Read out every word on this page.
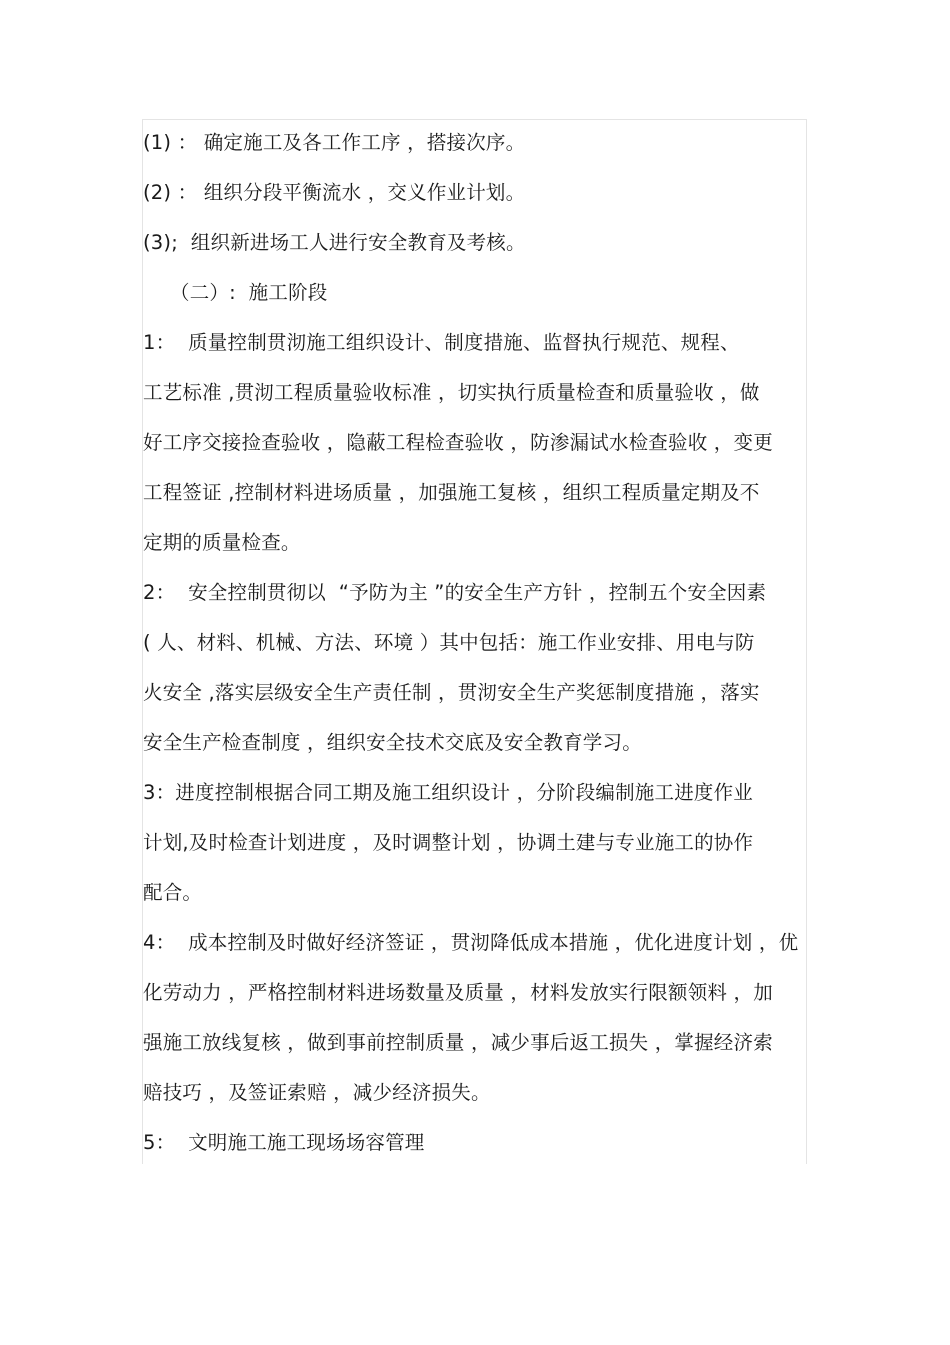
(1) ： 确定施工及各工作工序 ，搭接次序。
(2) ： 组织分段平衡流水 ，交义作业计划。
(3);  组织新进场工人进行安全教育及考核。
（二）:  施工阶段
1：  质量控制贯沏施工组织设计、制度措施、监督执行规范、规程、
工艺标准 ,贯沏工程质量验收标准 ，切实执行质量检查和质量验收 ，做
好工序交接捡查验收 ，隐蔽工程检查验收 ，防渗漏试水检查验收 ，变更
工程签证 ,控制材料进场质量 ，加强施工复核 ，组织工程质量定期及不
定期的质量检查。
2：  安全控制贯彻以  “予防为主 ”的安全生产方针 ，控制五个安全因素
( 人、材料、机械、方法、环境 ）其中包括：施工作业安排、用电与防
火安全 ,落实层级安全生产责任制 ，贯沏安全生产奖惩制度措施 ，落实
安全生产检查制度 ，组织安全技术交底及安全教育学习。
3：进度控制根据合同工期及施工组织设计 ，分阶段编制施工进度作业
计划,及时检查计划进度 ，及时调整计划 ，协调土建与专业施工的协作
配合。
4：  成本控制及时做好经济签证 ，贯沏降低成本措施 ，优化进度计划 ，优
化劳动力 ，严格控制材料进场数量及质量 ，材料发放实行限额领料 ，加
强施工放线复核 ，做到事前控制质量 ，减少事后返工损失 ，掌握经济索
赔技巧 ，及签证索赔 ，减少经济损失。
5：  文明施工施工现场场容管理
